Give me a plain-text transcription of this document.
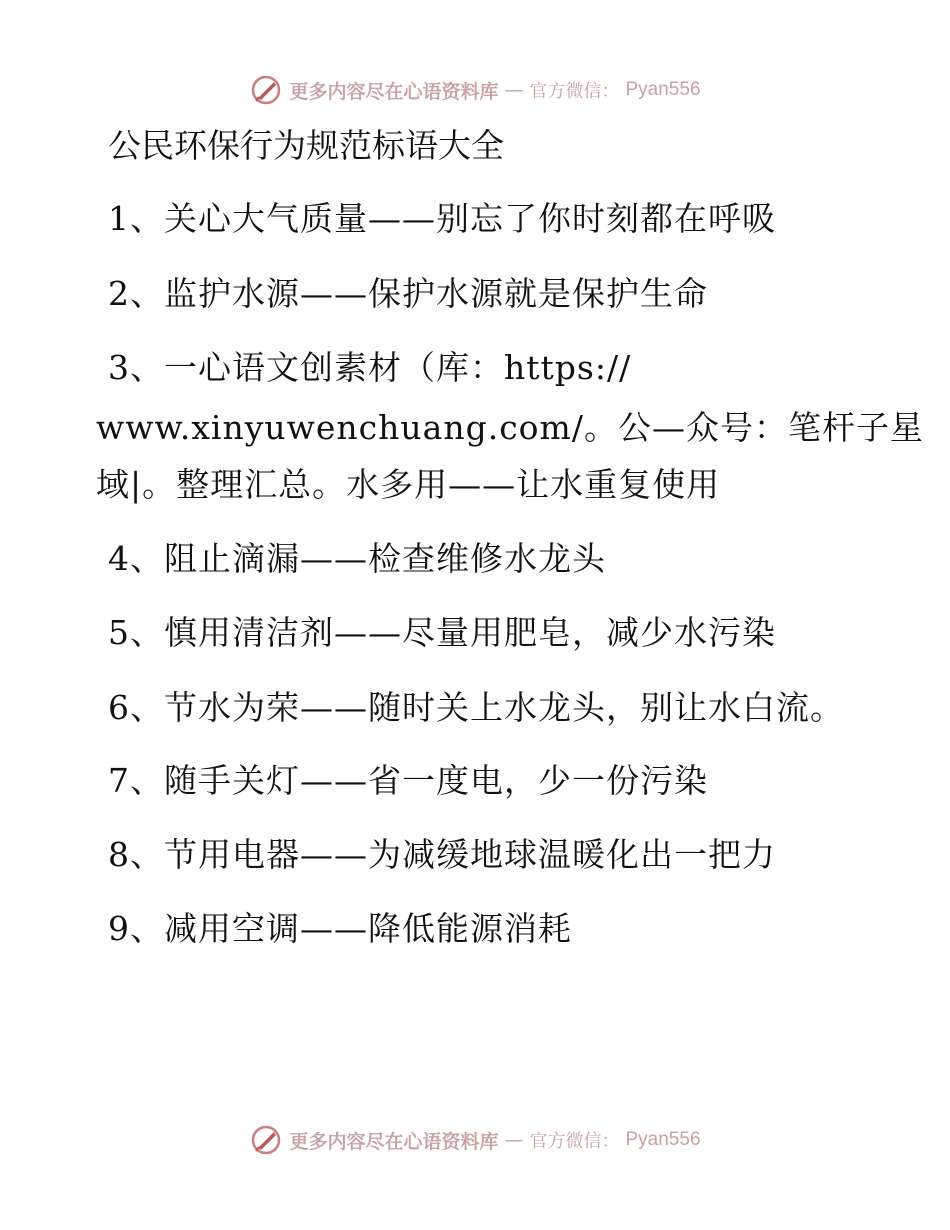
更多内容尽在心语资料库 — 官方微信： Pyan556
公民环保行为规范标语大全
1、关心大气质量——别忘了你时刻都在呼吸
2、监护水源——保护水源就是保护生命
3、一心语文创素材（库：https://
www.xinyuwenchuang.com/。公—众号：笔杆子星
域|。整理汇总。水多用——让水重复使用
4、阻止滴漏——检查维修水龙头
5、慎用清洁剂——尽量用肥皂，减少水污染
6、节水为荣——随时关上水龙头，别让水白流。
7、随手关灯——省一度电，少一份污染
8、节用电器——为减缓地球温暖化出一把力
9、减用空调——降低能源消耗
更多内容尽在心语资料库 — 官方微信： Pyan556
